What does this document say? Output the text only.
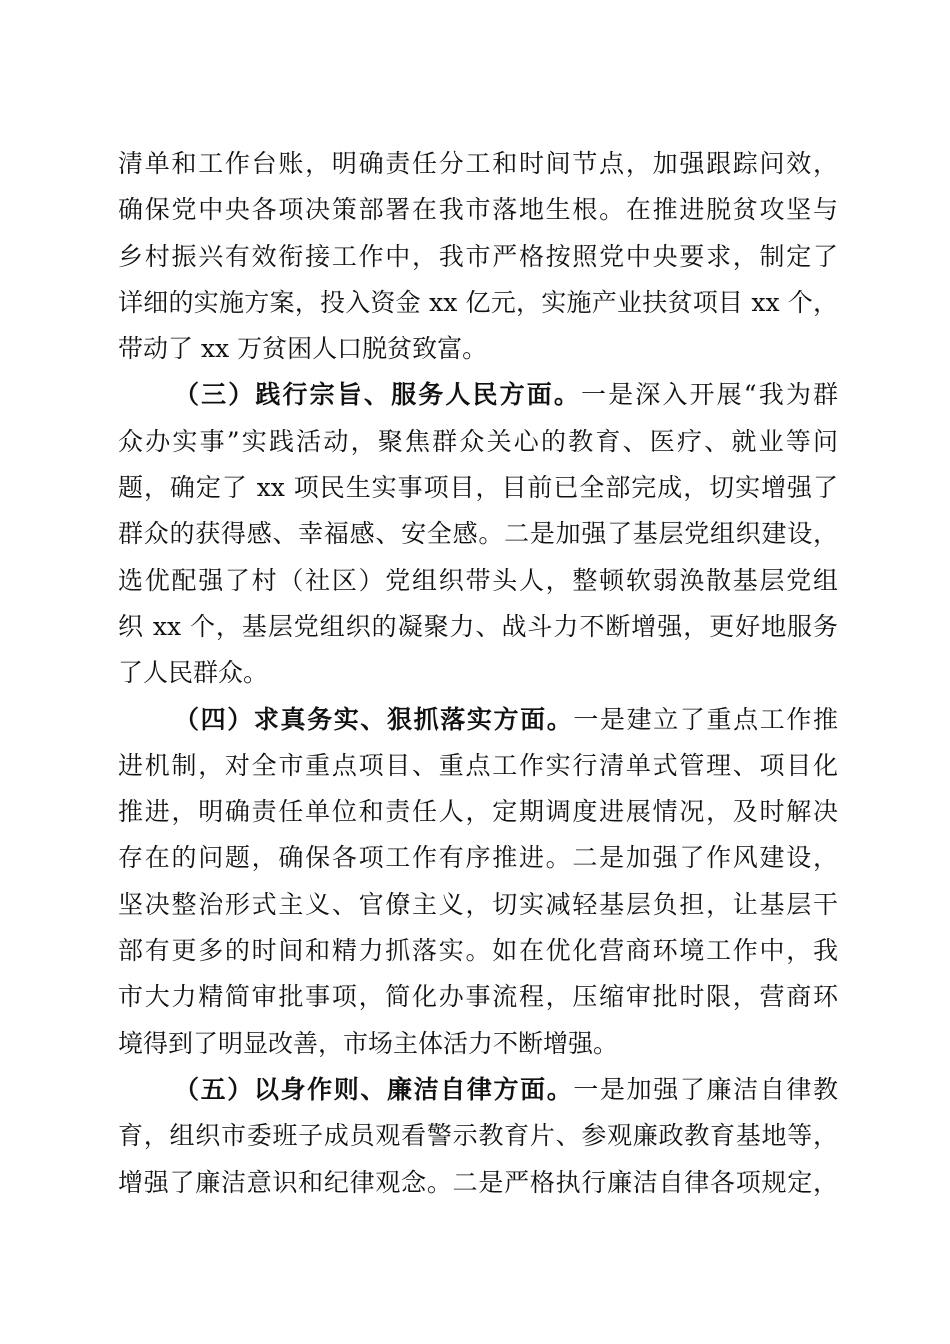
清单和工作台账，明确责任分工和时间节点，加强跟踪问效，
确保党中央各项决策部署在我市落地生根。在推进脱贫攻坚与
乡村振兴有效衔接工作中，我市严格按照党中央要求，制定了
详细的实施方案，投入资金 xx 亿元，实施产业扶贫项目 xx 个，
带动了 xx 万贫困人口脱贫致富。
（三）践行宗旨、服务人民方面。一是深入开展“我为群
众办实事”实践活动，聚焦群众关心的教育、医疗、就业等问
题，确定了 xx 项民生实事项目，目前已全部完成，切实增强了
群众的获得感、幸福感、安全感。二是加强了基层党组织建设，
选优配强了村（社区）党组织带头人，整顿软弱涣散基层党组
织 xx 个，基层党组织的凝聚力、战斗力不断增强，更好地服务
了人民群众。
（四）求真务实、狠抓落实方面。一是建立了重点工作推
进机制，对全市重点项目、重点工作实行清单式管理、项目化
推进，明确责任单位和责任人，定期调度进展情况，及时解决
存在的问题，确保各项工作有序推进。二是加强了作风建设，
坚决整治形式主义、官僚主义，切实减轻基层负担，让基层干
部有更多的时间和精力抓落实。如在优化营商环境工作中，我
市大力精简审批事项，简化办事流程，压缩审批时限，营商环
境得到了明显改善，市场主体活力不断增强。
（五）以身作则、廉洁自律方面。一是加强了廉洁自律教
育，组织市委班子成员观看警示教育片、参观廉政教育基地等，
增强了廉洁意识和纪律观念。二是严格执行廉洁自律各项规定，
